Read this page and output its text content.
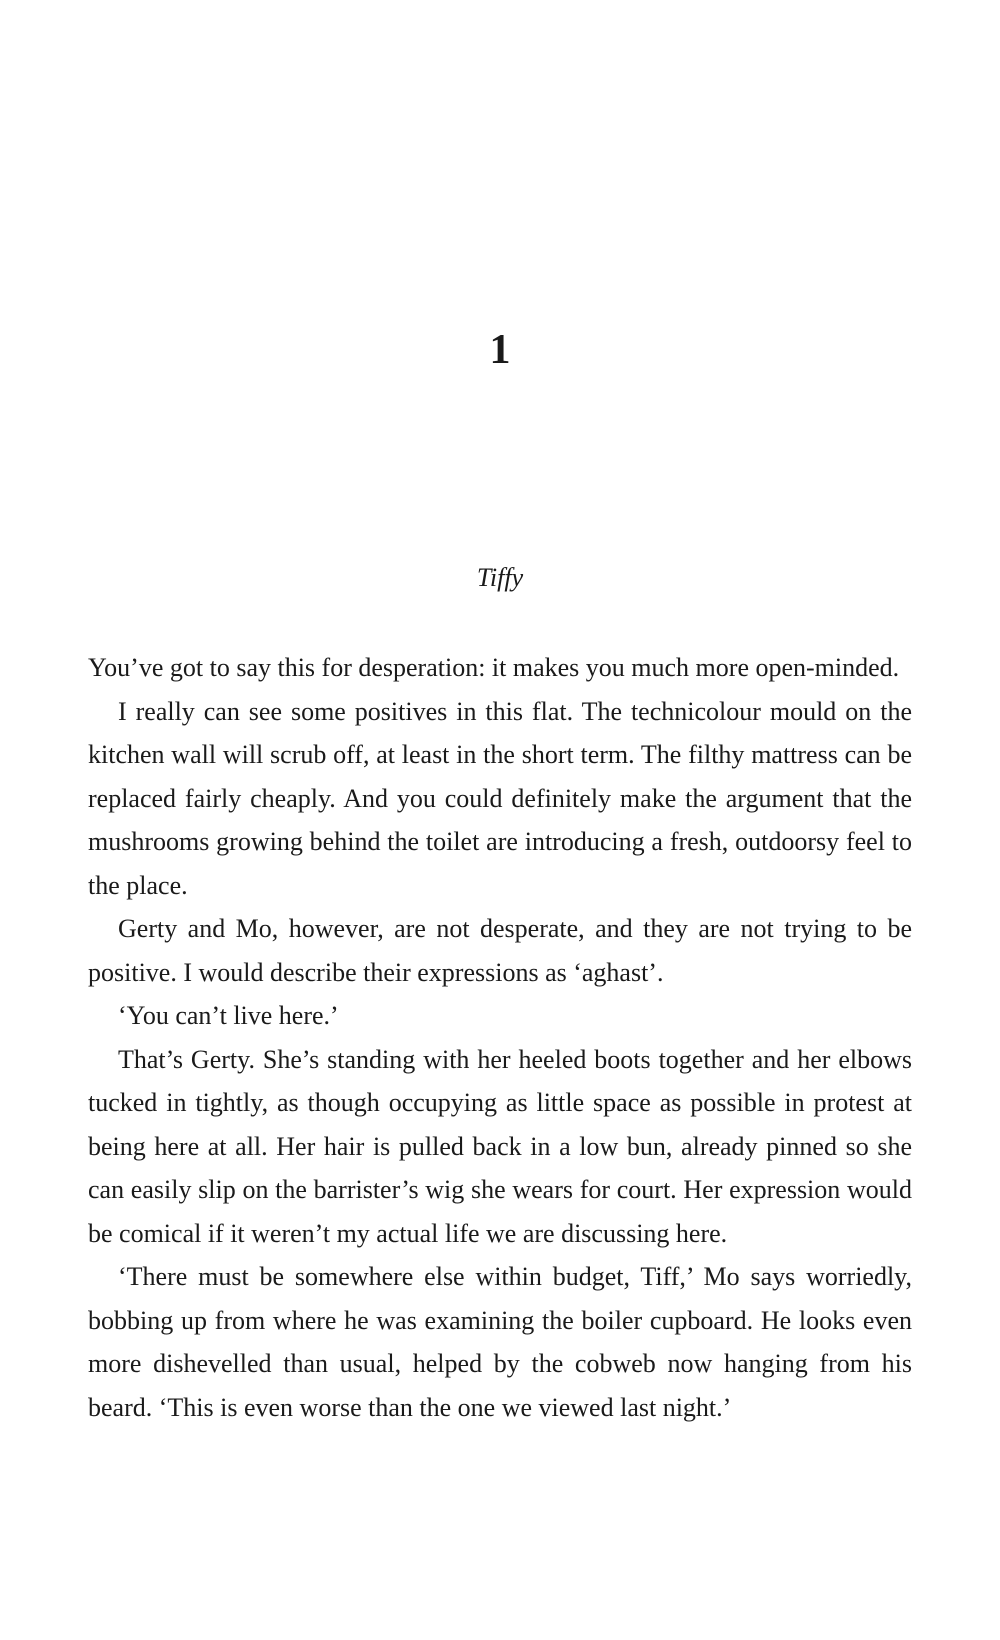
1
Tiffy

You’ve got to say this for desperation: it makes you much more open-minded.

I really can see some positives in this flat. The technicolour mould on the kitchen wall will scrub off, at least in the short term. The filthy mattress can be replaced fairly cheaply. And you could definitely make the argument that the mushrooms growing behind the toilet are introducing a fresh, outdoorsy feel to the place.

Gerty and Mo, however, are not desperate, and they are not trying to be positive. I would describe their expressions as ‘aghast’.

‘You can’t live here.’

That’s Gerty. She’s standing with her heeled boots together and her elbows tucked in tightly, as though occupying as little space as possible in protest at being here at all. Her hair is pulled back in a low bun, already pinned so she can easily slip on the barrister’s wig she wears for court. Her expression would be comical if it weren’t my actual life we are discussing here.

‘There must be somewhere else within budget, Tiff,’ Mo says worriedly, bobbing up from where he was examining the boiler cupboard. He looks even more dishevelled than usual, helped by the cobweb now hanging from his beard. ‘This is even worse than the one we viewed last night.’
